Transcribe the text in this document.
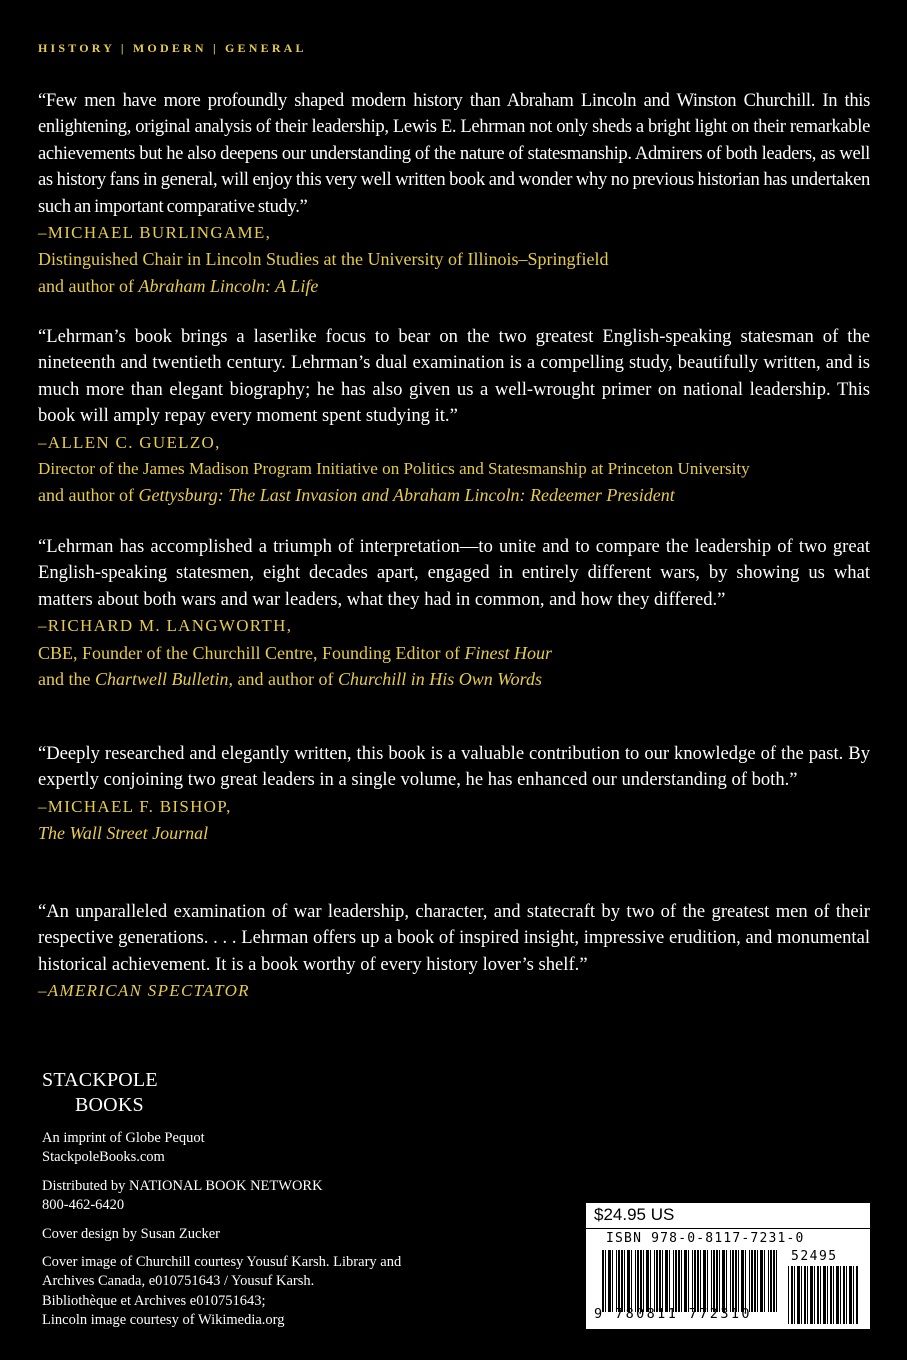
HISTORY | MODERN | GENERAL

“Few men have more profoundly shaped modern history than Abraham Lincoln and Winston Churchill. In this enlightening, original analysis of their leadership, Lewis E. Lehrman not only sheds a bright light on their remarkable achievements but he also deepens our understanding of the nature of statesmanship. Admirers of both leaders, as well as history fans in general, will enjoy this very well written book and wonder why no previous historian has undertaken such an important comparative study.”

–MICHAEL BURLINGAME,

Distinguished Chair in Lincoln Studies at the University of Illinois–Springfield

and author of Abraham Lincoln: A Life

“Lehrman’s book brings a laserlike focus to bear on the two greatest English-speaking statesman of the nineteenth and twentieth century. Lehrman’s dual examination is a compelling study, beautifully written, and is much more than elegant biography; he has also given us a well-wrought primer on national leadership. This book will amply repay every moment spent studying it.”

–ALLEN C. GUELZO,

Director of the James Madison Program Initiative on Politics and Statesmanship at Princeton University

and author of Gettysburg: The Last Invasion and Abraham Lincoln: Redeemer President

“Lehrman has accomplished a triumph of interpretation—to unite and to compare the leadership of two great English-speaking statesmen, eight decades apart, engaged in entirely different wars, by showing us what matters about both wars and war leaders, what they had in common, and how they differed.”

–RICHARD M. LANGWORTH,

CBE, Founder of the Churchill Centre, Founding Editor of Finest Hour

and the Chartwell Bulletin, and author of Churchill in His Own Words

“Deeply researched and elegantly written, this book is a valuable contribution to our knowledge of the past. By expertly conjoining two great leaders in a single volume, he has enhanced our understanding of both.”

–MICHAEL F. BISHOP,

The Wall Street Journal

“An unparalleled examination of war leadership, character, and statecraft by two of the greatest men of their respective generations. . . . Lehrman offers up a book of inspired insight, impressive erudition, and monumental historical achievement. It is a book worthy of every history lover’s shelf.”

–AMERICAN SPECTATOR

STACKPOLE
BOOKS
An imprint of Globe Pequot
StackpoleBooks.com
Distributed by NATIONAL BOOK NETWORK
800-462-6420
Cover design by Susan Zucker
Cover image of Churchill courtesy Yousuf Karsh. Library and
Archives Canada, e010751643 / Yousuf Karsh.
Bibliothèque et Archives e010751643;
Lincoln image courtesy of Wikimedia.org
$24.95 US
ISBN 978-0-8117-7231-0
52495
9 780811 772310
